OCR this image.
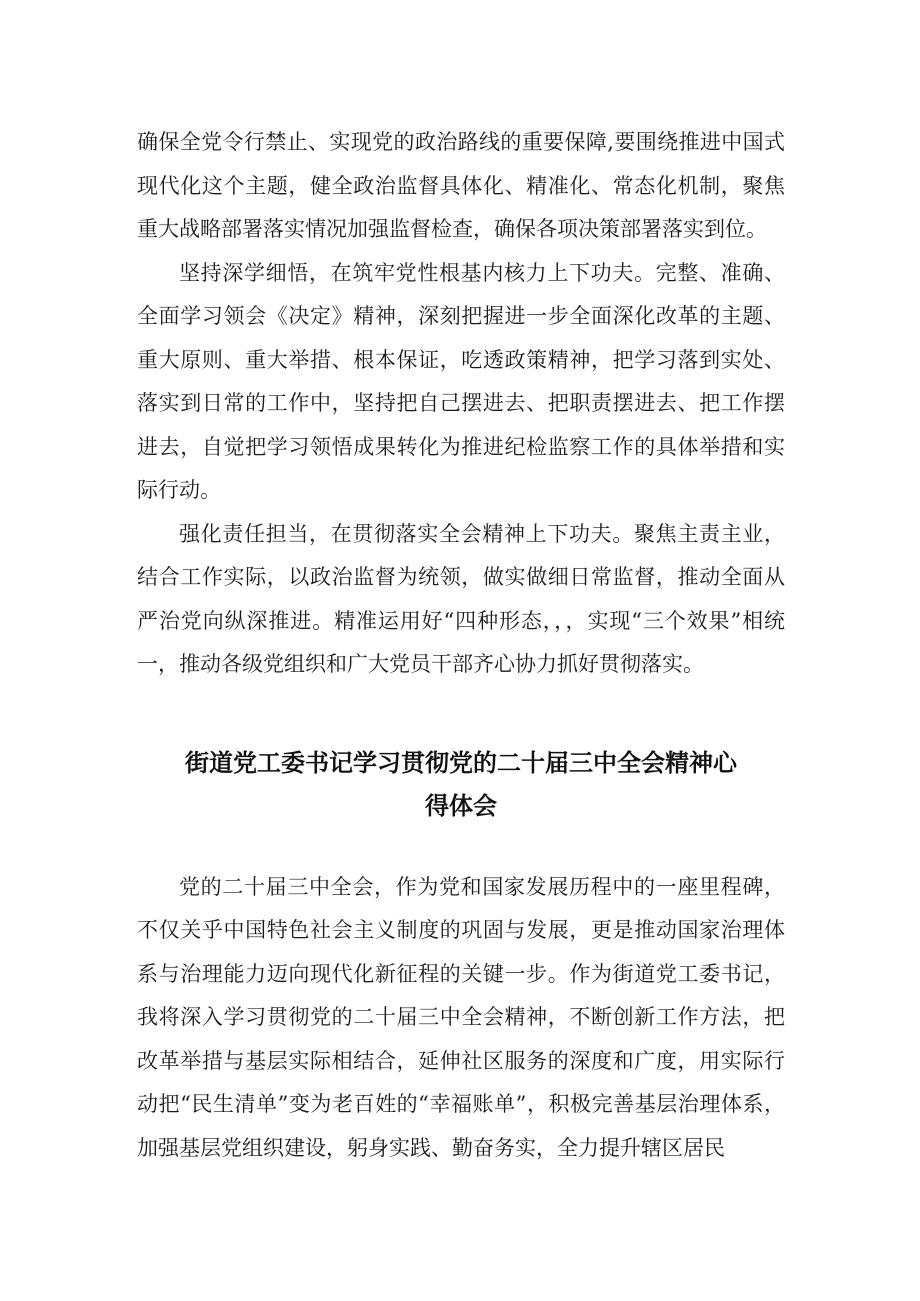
确保全党令行禁止、实现党的政治路线的重要保障,要围绕推进中国式现代化这个主题，健全政治监督具体化、精准化、常态化机制，聚焦重大战略部署落实情况加强监督检查，确保各项决策部署落实到位。

坚持深学细悟，在筑牢党性根基内核力上下功夫。完整、准确、全面学习领会《决定》精神，深刻把握进一步全面深化改革的主题、重大原则、重大举措、根本保证，吃透政策精神，把学习落到实处、落实到日常的工作中，坚持把自己摆进去、把职责摆进去、把工作摆进去，自觉把学习领悟成果转化为推进纪检监察工作的具体举措和实际行动。

强化责任担当，在贯彻落实全会精神上下功夫。聚焦主责主业，结合工作实际，以政治监督为统领，做实做细日常监督，推动全面从严治党向纵深推进。精准运用好“四种形态，，，实现“三个效果”相统一，推动各级党组织和广大党员干部齐心协力抓好贯彻落实。

街道党工委书记学习贯彻党的二十届三中全会精神心
得体会

党的二十届三中全会，作为党和国家发展历程中的一座里程碑，不仅关乎中国特色社会主义制度的巩固与发展，更是推动国家治理体系与治理能力迈向现代化新征程的关键一步。作为街道党工委书记，我将深入学习贯彻党的二十届三中全会精神，不断创新工作方法，把改革举措与基层实际相结合，延伸社区服务的深度和广度，用实际行动把“民生清单”变为老百姓的“幸福账单”，积极完善基层治理体系，加强基层党组织建设，躬身实践、勤奋务实，全力提升辖区居民
